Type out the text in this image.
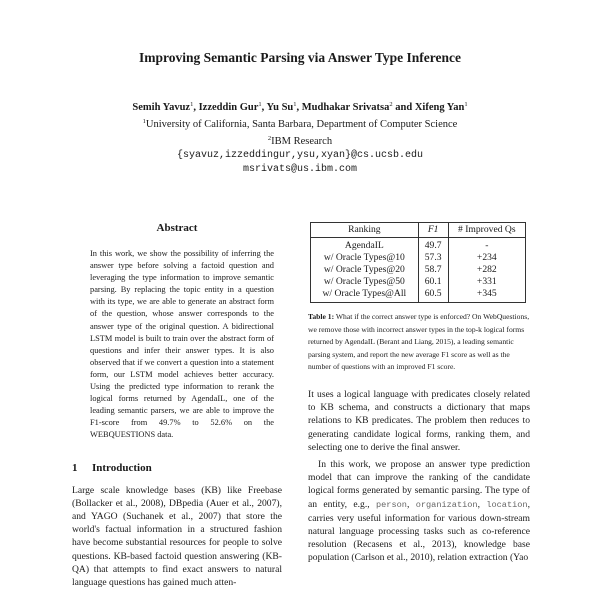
Improving Semantic Parsing via Answer Type Inference
Semih Yavuz$^1$, Izzeddin Gur$^1$, Yu Su$^1$, Mudhakar Srivatsa$^2$ and Xifeng Yan$^1$
$^1$University of California, Santa Barbara, Department of Computer Science
$^2$IBM Research
{syavuz,izzeddingur,ysu,xyan}@cs.ucsb.edu
msrivats@us.ibm.com
Abstract
In this work, we show the possibility of inferring the answer type before solving a factoid question and leveraging the type information to improve semantic parsing. By replacing the topic entity in a question with its type, we are able to generate an abstract form of the question, whose answer corresponds to the answer type of the original question. A bidirectional LSTM model is built to train over the abstract form of questions and infer their answer types. It is also observed that if we convert a question into a statement form, our LSTM model achieves better accuracy. Using the predicted type information to rerank the logical forms returned by AgendaIL, one of the leading semantic parsers, we are able to improve the F1-score from 49.7% to 52.6% on the WEBQUESTIONS data.
1 Introduction
Large scale knowledge bases (KB) like Freebase (Bollacker et al., 2008), DBpedia (Auer et al., 2007), and YAGO (Suchanek et al., 2007) that store the world's factual information in a structured fashion have become substantial resources for people to solve questions. KB-based factoid question answering (KB-QA) that attempts to find exact answers to natural language questions has gained much atten-
Ranking	F1	# Improved Qs
AgendaIL	49.7	-
w/ Oracle Types@10	57.3	+234
w/ Oracle Types@20	58.7	+282
w/ Oracle Types@50	60.1	+331
w/ Oracle Types@All	60.5	+345
Table 1: What if the correct answer type is enforced? On WebQuestions, we remove those with incorrect answer types in the top-k logical forms returned by AgendaIL (Berant and Liang, 2015), a leading semantic parsing system, and report the new average F1 score as well as the number of questions with an improved F1 score.

It uses a logical language with predicates closely related to KB schema, and constructs a dictionary that maps relations to KB predicates. The problem then reduces to generating candidate logical forms, ranking them, and selecting one to derive the final answer.

In this work, we propose an answer type prediction model that can improve the ranking of the candidate logical forms generated by semantic parsing. The type of an entity, e.g., person, organization, location, carries very useful information for various down-stream natural language processing tasks such as co-reference resolution (Recasens et al., 2013), knowledge base population (Carlson et al., 2010), relation extraction (Yao
